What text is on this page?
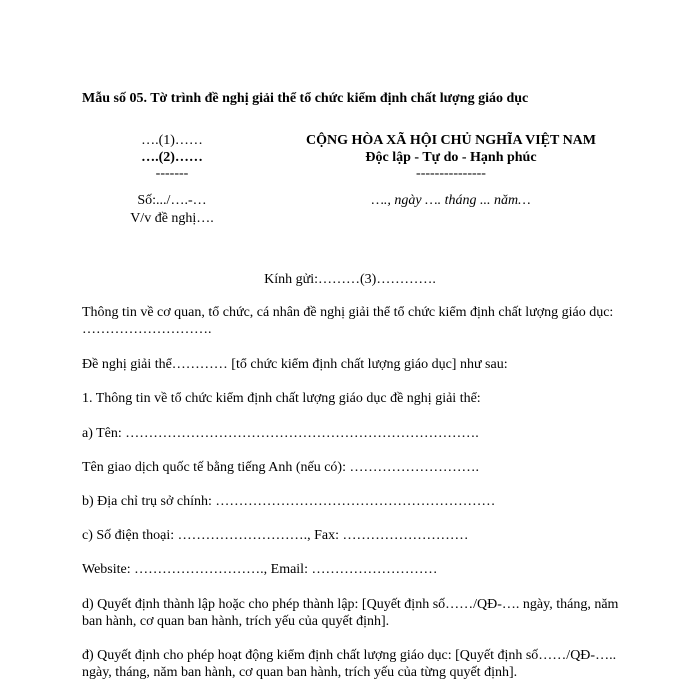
Mẫu số 05. Tờ trình đề nghị giải thể tổ chức kiểm định chất lượng giáo dục
….(1)……
….(2)……
-------
Số:.../….-…
V/v đề nghị….
CỘNG HÒA XÃ HỘI CHỦ NGHĨA VIỆT NAM
Độc lập - Tự do - Hạnh phúc
---------------
…., ngày …. tháng ... năm…
Kính gửi:………(3)………….
Thông tin về cơ quan, tổ chức, cá nhân đề nghị giải thể tổ chức kiểm định chất lượng giáo dục: ……………………….
Đề nghị giải thể………… [tổ chức kiểm định chất lượng giáo dục] như sau:
1. Thông tin về tổ chức kiểm định chất lượng giáo dục đề nghị giải thể:
a) Tên: ………………………………………………………………….
Tên giao dịch quốc tế bằng tiếng Anh (nếu có): ……………………….
b) Địa chỉ trụ sở chính: ……………………………………………………
c) Số điện thoại: ………………………., Fax: ………………………
Website: ………………………., Email: ………………………
d) Quyết định thành lập hoặc cho phép thành lập: [Quyết định số……/QĐ-…. ngày, tháng, năm ban hành, cơ quan ban hành, trích yếu của quyết định].
đ) Quyết định cho phép hoạt động kiểm định chất lượng giáo dục: [Quyết định số……/QĐ-….. ngày, tháng, năm ban hành, cơ quan ban hành, trích yếu của từng quyết định].
